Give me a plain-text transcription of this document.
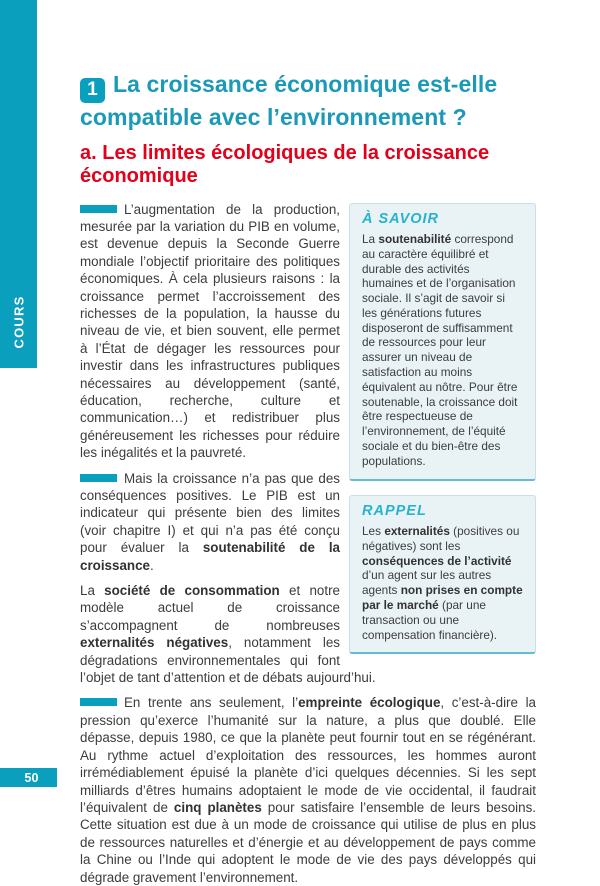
COURS
1 La croissance économique est-elle compatible avec l’environnement ?
a. Les limites écologiques de la croissance économique
À SAVOIR

La soutenabilité correspond au caractère équilibré et durable des activités humaines et de l’organisation sociale. Il s’agit de savoir si les générations futures disposeront de suffisamment de ressources pour leur assurer un niveau de satisfaction au moins équivalent au nôtre. Pour être soutenable, la croissance doit être respectueuse de l’environnement, de l’équité sociale et du bien-être des populations.

RAPPEL

Les externalités (positives ou négatives) sont les conséquences de l’activité d’un agent sur les autres agents non prises en compte par le marché (par une transaction ou une compensation financière).

L’augmentation de la production, mesurée par la variation du PIB en volume, est devenue depuis la Seconde Guerre mondiale l’objectif prioritaire des politiques économiques. À cela plusieurs raisons : la croissance permet l’accroissement des richesses de la population, la hausse du niveau de vie, et bien souvent, elle permet à l’État de dégager les ressources pour investir dans les infrastructures publiques nécessaires au développement (santé, éducation, recherche, culture et communication…) et redistribuer plus généreusement les richesses pour réduire les inégalités et la pauvreté.

Mais la croissance n’a pas que des conséquences positives. Le PIB est un indicateur qui présente bien des limites (voir chapitre I) et qui n’a pas été conçu pour évaluer la soutenabilité de la croissance.

La société de consommation et notre modèle actuel de croissance s’accompagnent de nombreuses externalités négatives, notamment les dégradations environnementales qui font l’objet de tant d’attention et de débats aujourd’hui.

En trente ans seulement, l’empreinte écologique, c’est-à-dire la pression qu’exerce l’humanité sur la nature, a plus que doublé. Elle dépasse, depuis 1980, ce que la planète peut fournir tout en se régénérant. Au rythme actuel d’exploitation des ressources, les hommes auront irrémédiablement épuisé la planète d’ici quelques décennies. Si les sept milliards d’êtres humains adoptaient le mode de vie occidental, il faudrait l’équivalent de cinq planètes pour satisfaire l’ensemble de leurs besoins. Cette situation est due à un mode de croissance qui utilise de plus en plus de ressources naturelles et d’énergie et au développement de pays comme la Chine ou l’Inde qui adoptent le mode de vie des pays développés qui dégrade gravement l’environnement.

50
